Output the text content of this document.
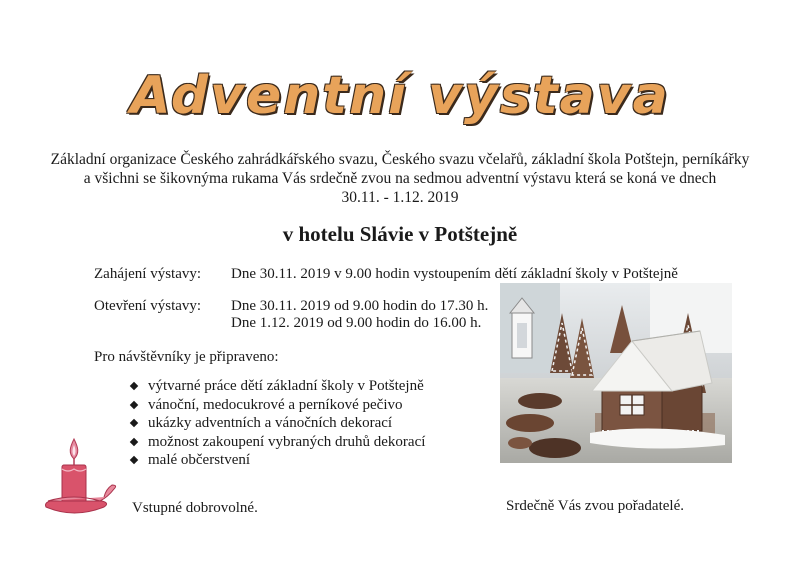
Adventní výstava
Základní organizace Českého zahrádkářského svazu, Českého svazu včelařů, základní škola Potštejn, perníkářky
a všichni se šikovnýma rukama Vás srdečně zvou na sedmou adventní výstavu která se koná ve dnech
30.11. - 1.12. 2019
v hotelu Slávie v Potštejně
Zahájení výstavy: Dne 30.11. 2019 v 9.00 hodin vystoupením dětí základní školy v Potštejně
Otevření výstavy: Dne 30.11. 2019 od 9.00 hodin do 17.30 h.
Dne 1.12. 2019 od 9.00 hodin do 16.00 h.
Pro návštěvníky je připraveno:
výtvarné práce dětí základní školy v Potštejně
vánoční, medocukrové a perníkové pečivo
ukázky adventních a vánočních dekorací
možnost zakoupení vybraných druhů dekorací
malé občerstvení
Vstupné dobrovolné.	Srdečně Vás zvou pořadatelé.
